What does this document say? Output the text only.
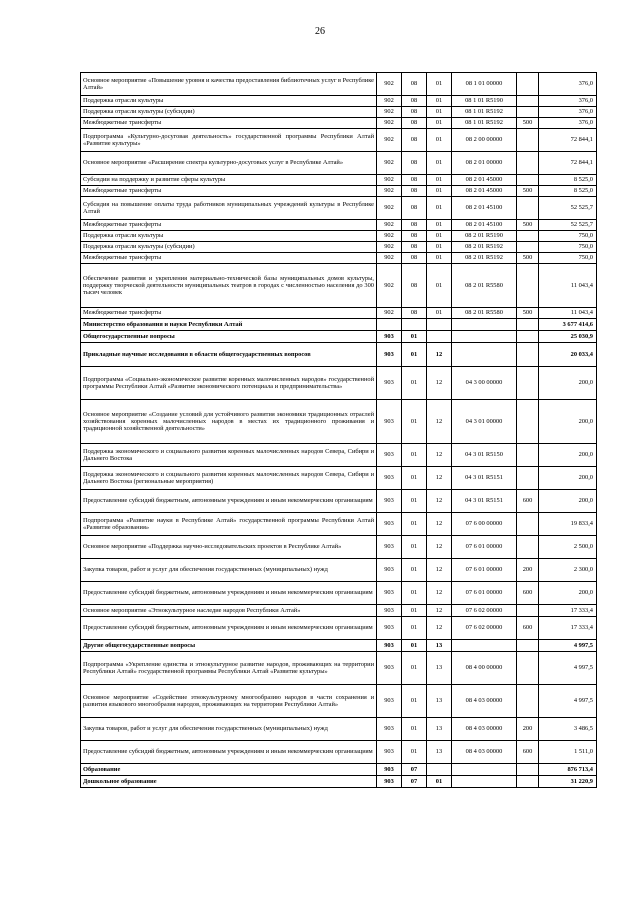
26
Основное мероприятие «Повышение уровня и качества предоставления библиотечных услуг в Республике Алтай»	902	08	01	08 1 01 00000		376,0
Поддержка отрасли культуры	902	08	01	08 1 01 R5190		376,0
Поддержка отрасли культуры (субсидии)	902	08	01	08 1 01 R5192		376,0
Межбюджетные трансферты	902	08	01	08 1 01 R5192	500	376,0
Подпрограмма «Культурно-досуговая деятельность» государственной программы Республики Алтай «Развитие культуры»	902	08	01	08 2 00 00000		72 844,1
Основное мероприятие «Расширение спектра культурно-досуговых услуг в Республике Алтай»	902	08	01	08 2 01 00000		72 844,1
Субсидии на поддержку и развитие сферы культуры	902	08	01	08 2 01 45000		8 525,0
Межбюджетные трансферты	902	08	01	08 2 01 45000	500	8 525,0
Субсидия на повышение оплаты труда работников муниципальных учреждений культуры в Республике Алтай	902	08	01	08 2 01 45100		52 525,7
Межбюджетные трансферты	902	08	01	08 2 01 45100	500	52 525,7
Поддержка отрасли культуры	902	08	01	08 2 01 R5190		750,0
Поддержка отрасли культуры (субсидии)	902	08	01	08 2 01 R5192		750,0
Межбюджетные трансферты	902	08	01	08 2 01 R5192	500	750,0
Обеспечение развития и укрепления материально-технической базы муниципальных домов культуры, поддержку творческой деятельности муниципальных театров в городах с численностью населения до 300 тысяч человек	902	08	01	08 2 01 R5580		11 043,4
Межбюджетные трансферты	902	08	01	08 2 01 R5580	500	11 043,4
Министерство образования и науки Республики Алтай						3 677 414,6
Общегосударственные вопросы	903	01				25 030,9
Прикладные научные исследования в области общегосударственных вопросов	903	01	12			20 033,4
Подпрограмма «Социально-экономическое развитие коренных малочисленных народов» государственной программы Республики Алтай «Развитие экономического потенциала и предпринимательства»	903	01	12	04 3 00 00000		200,0
Основное мероприятие «Создание условий для устойчивого развития экономики традиционных отраслей хозяйствования коренных малочисленных народов в местах их традиционного проживания и традиционной хозяйственной деятельности»	903	01	12	04 3 01 00000		200,0
Поддержка экономического и социального развития коренных малочисленных народов Севера, Сибири и Дальнего Востока	903	01	12	04 3 01 R5150		200,0
Поддержка экономического и социального развития коренных малочисленных народов Севера, Сибири и Дальнего Востока (региональные мероприятия)	903	01	12	04 3 01 R5151		200,0
Предоставление субсидий бюджетным, автономным учреждениям и иным некоммерческим организациям	903	01	12	04 3 01 R5151	600	200,0
Подпрограмма «Развитие науки в Республике Алтай» государственной программы Республики Алтай «Развитие образования»	903	01	12	07 6 00 00000		19 833,4
Основное мероприятие «Поддержка научно-исследовательских проектов в Республике Алтай»	903	01	12	07 6 01 00000		2 500,0
Закупка товаров, работ и услуг для обеспечения государственных (муниципальных) нужд	903	01	12	07 6 01 00000	200	2 300,0
Предоставление субсидий бюджетным, автономным учреждениям и иным некоммерческим организациям	903	01	12	07 6 01 00000	600	200,0
Основное мероприятие «Этнокультурное наследие народов Республики Алтай»	903	01	12	07 6 02 00000		17 333,4
Предоставление субсидий бюджетным, автономным учреждениям и иным некоммерческим организациям	903	01	12	07 6 02 00000	600	17 333,4
Другие общегосударственные вопросы	903	01	13			4 997,5
Подпрограмма «Укрепление единства и этнокультурное развитие народов, проживающих на территории Республики Алтай» государственной программы Республики Алтай «Развитие культуры»	903	01	13	08 4 00 00000		4 997,5
Основное мероприятие «Содействие этнокультурному многообразию народов в части сохранения и развития языкового многообразия народов, проживающих на территории Республики Алтай»	903	01	13	08 4 03 00000		4 997,5
Закупка товаров, работ и услуг для обеспечения государственных (муниципальных) нужд	903	01	13	08 4 03 00000	200	3 486,5
Предоставление субсидий бюджетным, автономным учреждениям и иным некоммерческим организациям	903	01	13	08 4 03 00000	600	1 511,0
Образование	903	07				876 713,4
Дошкольное образование	903	07	01			31 220,9
